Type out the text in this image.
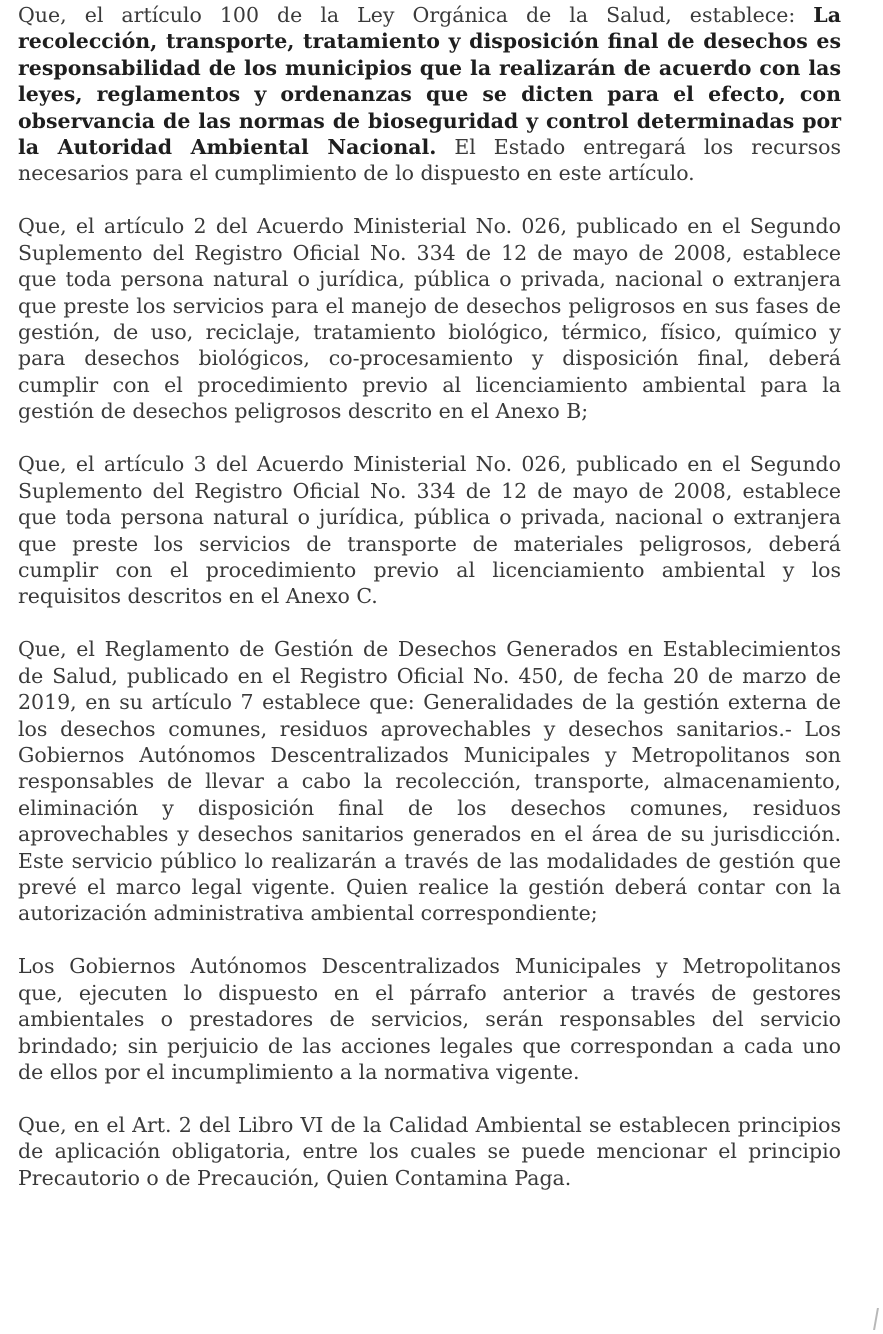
Que, el artículo 100 de la Ley Orgánica de la Salud, establece: La recolección, transporte, tratamiento y disposición final de desechos es responsabilidad de los municipios que la realizarán de acuerdo con las leyes, reglamentos y ordenanzas que se dicten para el efecto, con observancia de las normas de bioseguridad y control determinadas por la Autoridad Ambiental Nacional. El Estado entregará los recursos necesarios para el cumplimiento de lo dispuesto en este artículo.

Que, el artículo 2 del Acuerdo Ministerial No. 026, publicado en el Segundo Suplemento del Registro Oficial No. 334 de 12 de mayo de 2008, establece que toda persona natural o jurídica, pública o privada, nacional o extranjera que preste los servicios para el manejo de desechos peligrosos en sus fases de gestión, de uso, reciclaje, tratamiento biológico, térmico, físico, químico y para desechos biológicos, co-procesamiento y disposición final, deberá cumplir con el procedimiento previo al licenciamiento ambiental para la gestión de desechos peligrosos descrito en el Anexo B;

Que, el artículo 3 del Acuerdo Ministerial No. 026, publicado en el Segundo Suplemento del Registro Oficial No. 334 de 12 de mayo de 2008, establece que toda persona natural o jurídica, pública o privada, nacional o extranjera que preste los servicios de transporte de materiales peligrosos, deberá cumplir con el procedimiento previo al licenciamiento ambiental y los requisitos descritos en el Anexo C.

Que, el Reglamento de Gestión de Desechos Generados en Establecimientos de Salud, publicado en el Registro Oficial No. 450, de fecha 20 de marzo de 2019, en su artículo 7 establece que: Generalidades de la gestión externa de los desechos comunes, residuos aprovechables y desechos sanitarios.- Los Gobiernos Autónomos Descentralizados Municipales y Metropolitanos son responsables de llevar a cabo la recolección, transporte, almacenamiento, eliminación y disposición final de los desechos comunes, residuos aprovechables y desechos sanitarios generados en el área de su jurisdicción. Este servicio público lo realizarán a través de las modalidades de gestión que prevé el marco legal vigente. Quien realice la gestión deberá contar con la autorización administrativa ambiental correspondiente;

Los Gobiernos Autónomos Descentralizados Municipales y Metropolitanos que, ejecuten lo dispuesto en el párrafo anterior a través de gestores ambientales o prestadores de servicios, serán responsables del servicio brindado; sin perjuicio de las acciones legales que correspondan a cada uno de ellos por el incumplimiento a la normativa vigente.

Que, en el Art. 2 del Libro VI de la Calidad Ambiental se establecen principios de aplicación obligatoria, entre los cuales se puede mencionar el principio Precautorio o de Precaución, Quien Contamina Paga.
